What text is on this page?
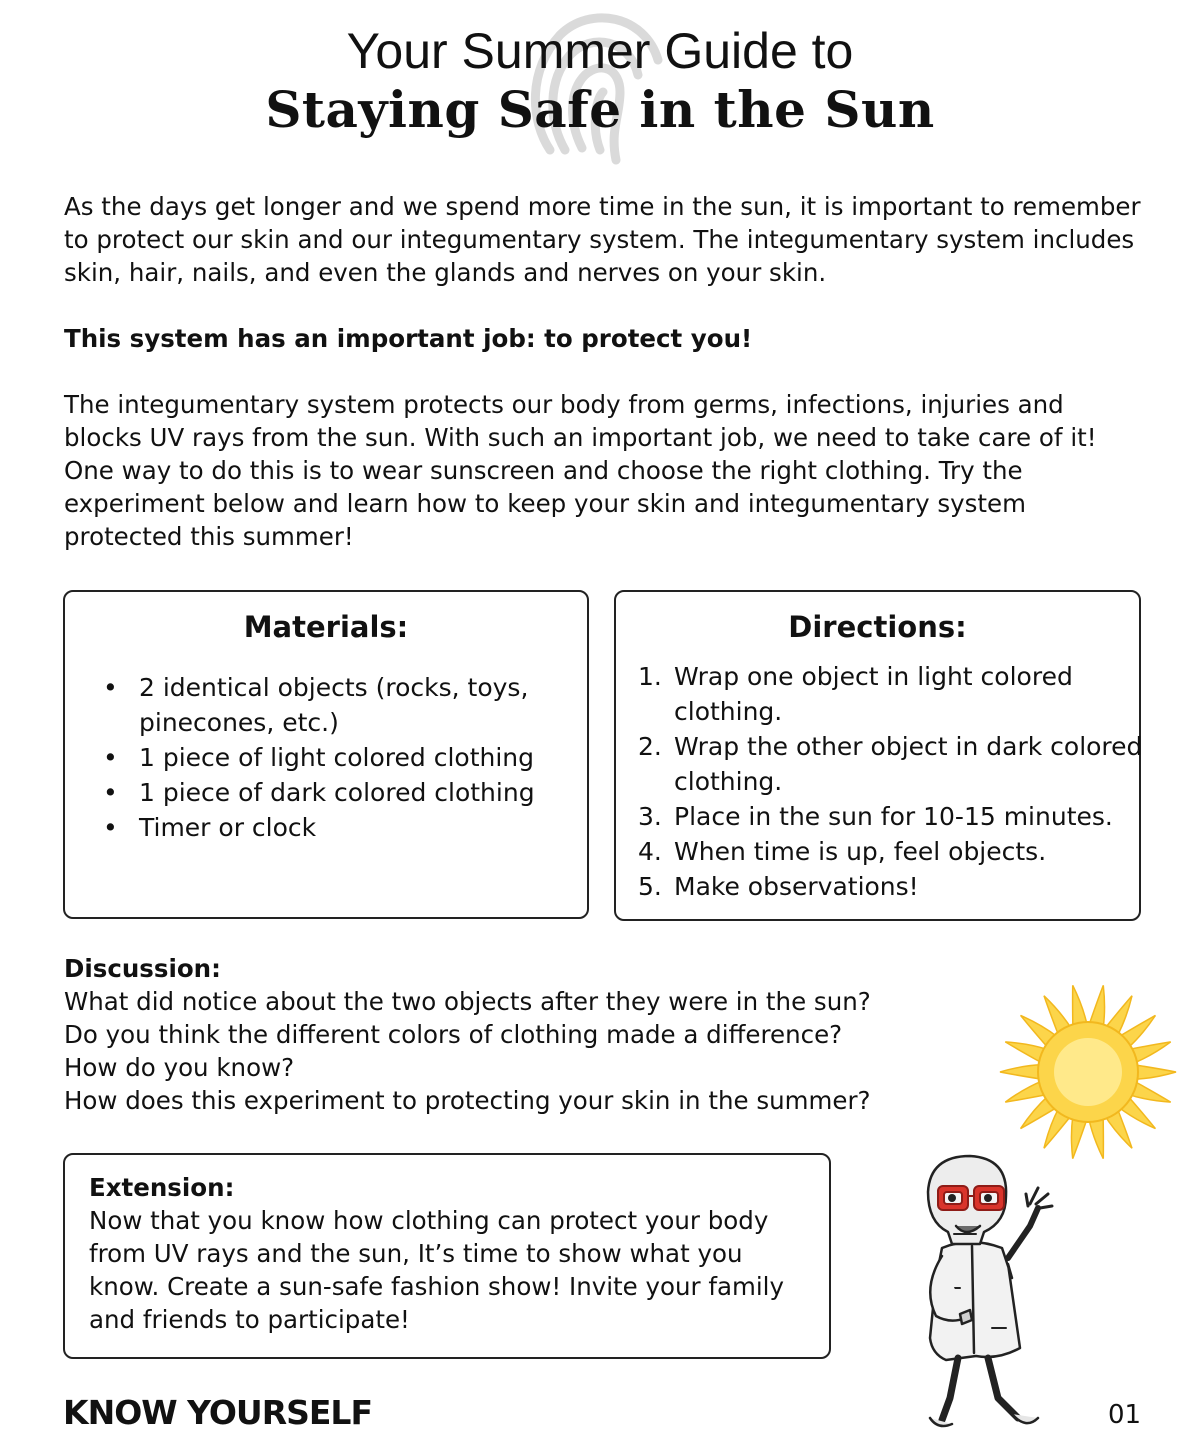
Your Summer Guide to
Staying Safe in the Sun
As the days get longer and we spend more time in the sun, it is important to remember to protect our skin and our integumentary system. The integumentary system includes skin, hair, nails, and even the glands and nerves on your skin.
This system has an important job: to protect you!
The integumentary system protects our body from germs, infections, injuries and blocks UV rays from the sun. With such an important job, we need to take care of it! One way to do this is to wear sunscreen and choose the right clothing. Try the experiment below and learn how to keep your skin and integumentary system protected this summer!
Materials:
• 2 identical objects (rocks, toys, pinecones, etc.)
• 1 piece of light colored clothing
• 1 piece of dark colored clothing
• Timer or clock
Directions:
1. Wrap one object in light colored clothing.
2. Wrap the other object in dark colored clothing.
3. Place in the sun for 10-15 minutes.
4. When time is up, feel objects.
5. Make observations!
Discussion:
What did notice about the two objects after they were in the sun?
Do you think the different colors of clothing made a difference?
How do you know?
How does this experiment to protecting your skin in the summer?
Extension:
Now that you know how clothing can protect your body from UV rays and the sun, It’s time to show what you know. Create a sun-safe fashion show! Invite your family and friends to participate!
KNOW YOURSELF	01
